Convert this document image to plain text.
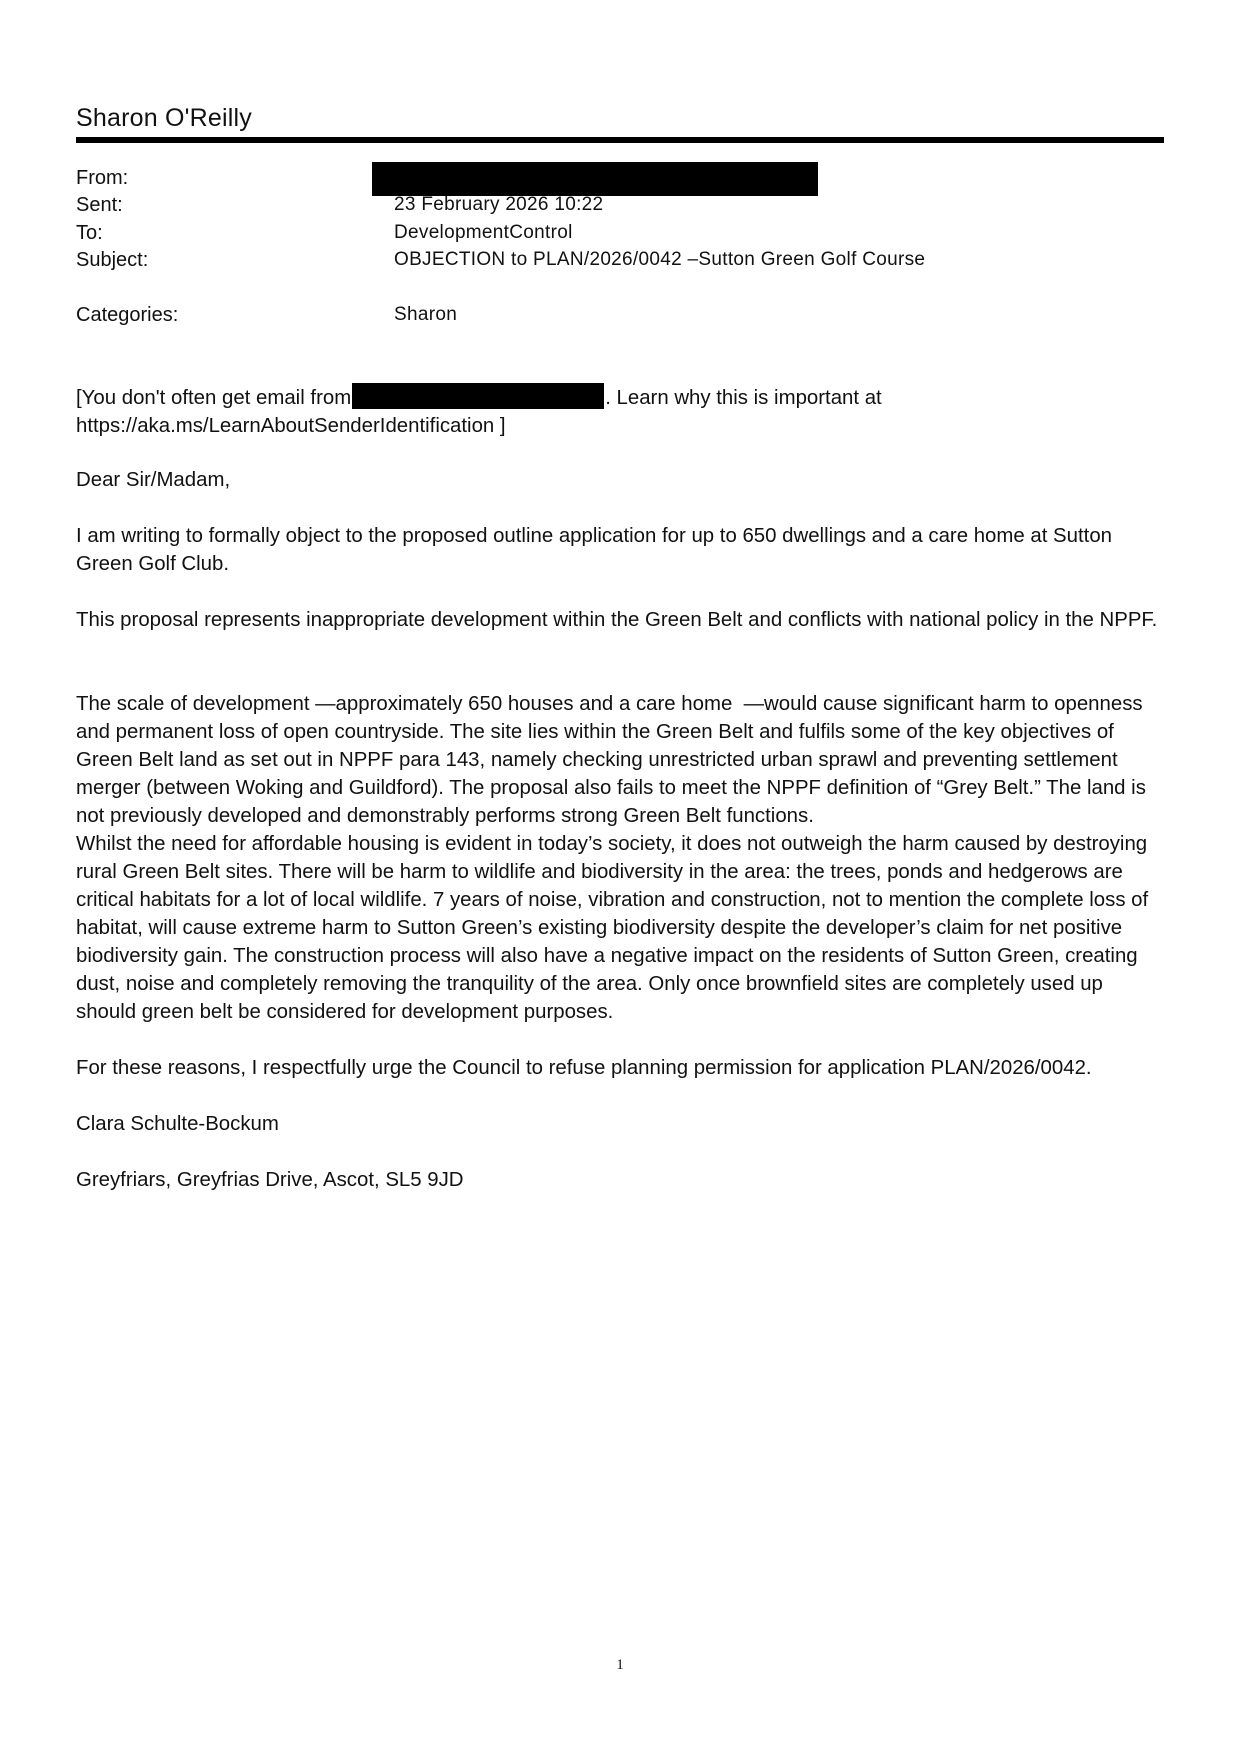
Sharon O'Reilly
From:
Sent:	23 February 2026 10:22
To:	DevelopmentControl
Subject:	OBJECTION to PLAN/2026/0042 –Sutton Green Golf Course
Categories:	Sharon
[You don't often get email from	. Learn why this is important at
https://aka.ms/LearnAboutSenderIdentification ]

Dear Sir/Madam,

I am writing to formally object to the proposed outline application for up to 650 dwellings and a care home at Sutton Green Golf Club.

This proposal represents inappropriate development within the Green Belt and conflicts with national policy in the NPPF.

The scale of development —approximately 650 houses and a care home  —would cause significant harm to openness and permanent loss of open countryside. The site lies within the Green Belt and fulfils some of the key objectives of Green Belt land as set out in NPPF para 143, namely checking unrestricted urban sprawl and preventing settlement merger (between Woking and Guildford). The proposal also fails to meet the NPPF definition of “Grey Belt.” The land is not previously developed and demonstrably performs strong Green Belt functions.

Whilst the need for affordable housing is evident in today’s society, it does not outweigh the harm caused by destroying rural Green Belt sites. There will be harm to wildlife and biodiversity in the area: the trees, ponds and hedgerows are critical habitats for a lot of local wildlife. 7 years of noise, vibration and construction, not to mention the complete loss of habitat, will cause extreme harm to Sutton Green’s existing biodiversity despite the developer’s claim for net positive biodiversity gain. The construction process will also have a negative impact on the residents of Sutton Green, creating dust, noise and completely removing the tranquility of the area. Only once brownfield sites are completely used up should green belt be considered for development purposes.

For these reasons, I respectfully urge the Council to refuse planning permission for application PLAN/2026/0042.

Clara Schulte-Bockum

Greyfriars, Greyfrias Drive, Ascot, SL5 9JD

1
